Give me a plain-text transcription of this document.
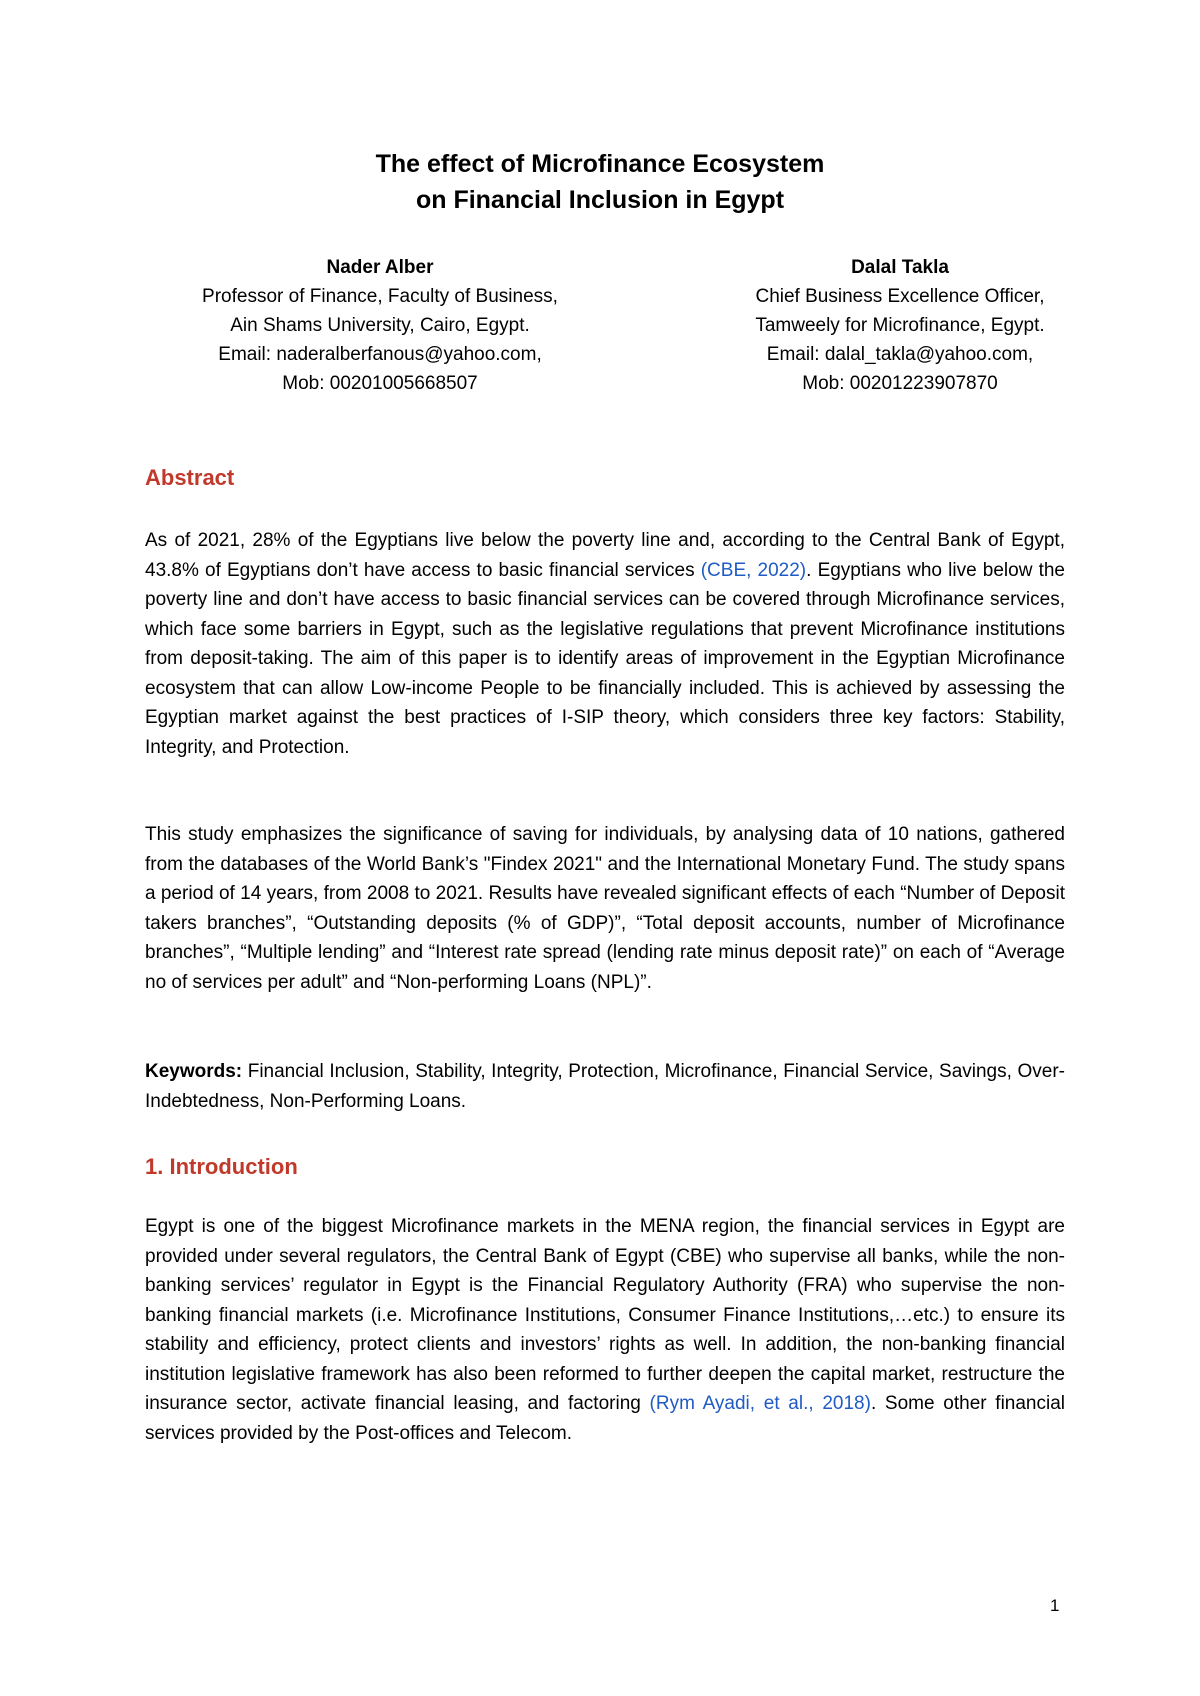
The effect of Microfinance Ecosystem
on Financial Inclusion in Egypt
Nader Alber
Professor of Finance, Faculty of Business,
Ain Shams University, Cairo, Egypt.
Email: naderalberfanous@yahoo.com,
Mob: 00201005668507
Dalal Takla
Chief Business Excellence Officer,
Tamweely for Microfinance, Egypt.
Email: dalal_takla@yahoo.com,
Mob: 00201223907870
Abstract

As of 2021, 28% of the Egyptians live below the poverty line and, according to the Central Bank of Egypt, 43.8% of Egyptians don’t have access to basic financial services (CBE, 2022). Egyptians who live below the poverty line and don’t have access to basic financial services can be covered through Microfinance services, which face some barriers in Egypt, such as the legislative regulations that prevent Microfinance institutions from deposit-taking. The aim of this paper is to identify areas of improvement in the Egyptian Microfinance ecosystem that can allow Low-income People to be financially included. This is achieved by assessing the Egyptian market against the best practices of I-SIP theory, which considers three key factors: Stability, Integrity, and Protection.

This study emphasizes the significance of saving for individuals, by analysing data of 10 nations, gathered from the databases of the World Bank’s "Findex 2021" and the International Monetary Fund. The study spans a period of 14 years, from 2008 to 2021. Results have revealed significant effects of each “Number of Deposit takers branches”, “Outstanding deposits (% of GDP)”, “Total deposit accounts, number of Microfinance branches”, “Multiple lending” and “Interest rate spread (lending rate minus deposit rate)” on each of “Average no of services per adult” and “Non-performing Loans (NPL)”.

Keywords: Financial Inclusion, Stability, Integrity, Protection, Microfinance, Financial Service, Savings, Over-Indebtedness, Non-Performing Loans.

1. Introduction

Egypt is one of the biggest Microfinance markets in the MENA region, the financial services in Egypt are provided under several regulators, the Central Bank of Egypt (CBE) who supervise all banks, while the non-banking services’ regulator in Egypt is the Financial Regulatory Authority (FRA) who supervise the non-banking financial markets (i.e. Microfinance Institutions, Consumer Finance Institutions,…etc.) to ensure its stability and efficiency, protect clients and investors’ rights as well. In addition, the non-banking financial institution legislative framework has also been reformed to further deepen the capital market, restructure the insurance sector, activate financial leasing, and factoring (Rym Ayadi, et al., 2018). Some other financial services provided by the Post-offices and Telecom.

1
